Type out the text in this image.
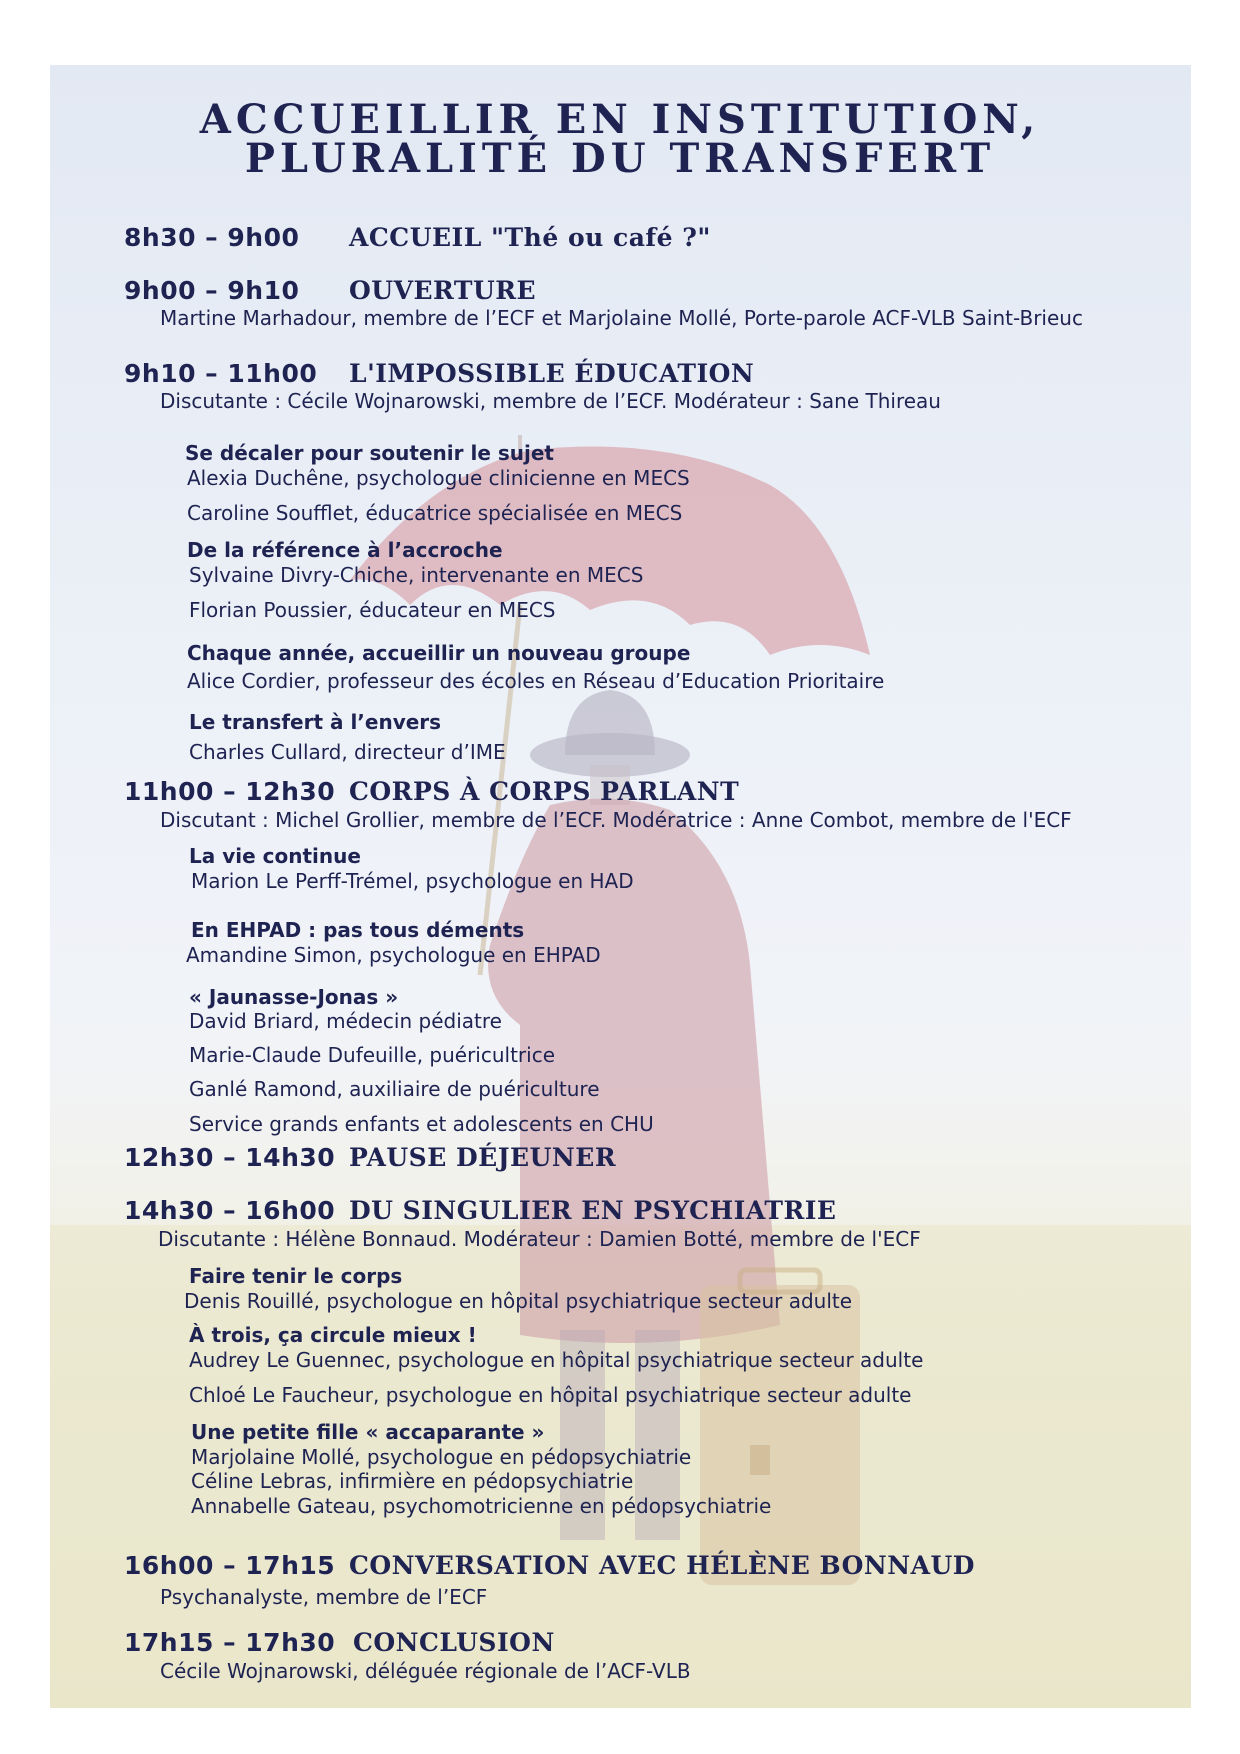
ACCUEILLIR EN INSTITUTION,
PLURALITÉ DU TRANSFERT
8h30 – 9h00 ACCUEIL "Thé ou café ?"
9h00 – 9h10 OUVERTURE
Martine Marhadour, membre de l’ECF et Marjolaine Mollé, Porte-parole ACF-VLB Saint-Brieuc
9h10 – 11h00 L'IMPOSSIBLE ÉDUCATION
Discutante : Cécile Wojnarowski, membre de l’ECF. Modérateur : Sane Thireau
Se décaler pour soutenir le sujet
Alexia Duchêne, psychologue clinicienne en MECS
Caroline Soufflet, éducatrice spécialisée en MECS
De la référence à l’accroche
Sylvaine Divry-Chiche, intervenante en MECS
Florian Poussier, éducateur en MECS
Chaque année, accueillir un nouveau groupe
Alice Cordier, professeur des écoles en Réseau d’Education Prioritaire
Le transfert à l’envers
Charles Cullard, directeur d’IME
11h00 – 12h30 CORPS À CORPS PARLANT
Discutant : Michel Grollier, membre de l’ECF. Modératrice : Anne Combot, membre de l'ECF
La vie continue
Marion Le Perff-Trémel, psychologue en HAD
En EHPAD : pas tous déments
Amandine Simon, psychologue en EHPAD
« Jaunasse-Jonas »
David Briard, médecin pédiatre
Marie-Claude Dufeuille, puéricultrice
Ganlé Ramond, auxiliaire de puériculture
Service grands enfants et adolescents en CHU
12h30 – 14h30 PAUSE DÉJEUNER
14h30 – 16h00 DU SINGULIER EN PSYCHIATRIE
Discutante : Hélène Bonnaud. Modérateur : Damien Botté, membre de l'ECF
Faire tenir le corps
Denis Rouillé, psychologue en hôpital psychiatrique secteur adulte
À trois, ça circule mieux !
Audrey Le Guennec, psychologue en hôpital psychiatrique secteur adulte
Chloé Le Faucheur, psychologue en hôpital psychiatrique secteur adulte
Une petite fille « accaparante »
Marjolaine Mollé, psychologue en pédopsychiatrie
Céline Lebras, infirmière en pédopsychiatrie
Annabelle Gateau, psychomotricienne en pédopsychiatrie
16h00 – 17h15 CONVERSATION AVEC HÉLÈNE BONNAUD
Psychanalyste, membre de l’ECF
17h15 – 17h30 CONCLUSION
Cécile Wojnarowski, déléguée régionale de l’ACF-VLB
